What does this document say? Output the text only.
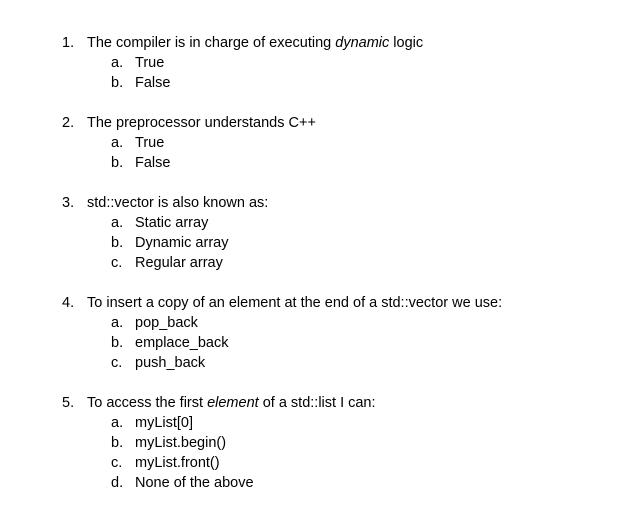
1. The compiler is in charge of executing dynamic logic
a. True
b. False
2. The preprocessor understands C++
a. True
b. False
3. std::vector is also known as:
a. Static array
b. Dynamic array
c. Regular array
4. To insert a copy of an element at the end of a std::vector we use:
a. pop_back
b. emplace_back
c. push_back
5. To access the first element of a std::list I can:
a. myList[0]
b. myList.begin()
c. myList.front()
d. None of the above
